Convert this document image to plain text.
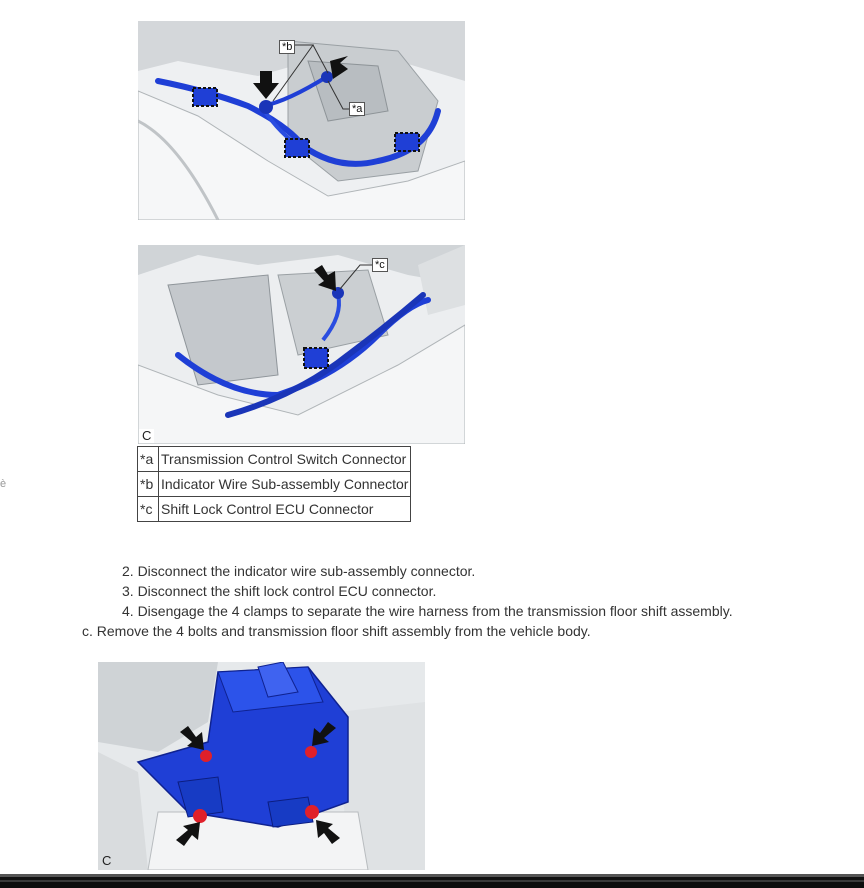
*b
*a
*c
C
*a	Transmission Control Switch Connector
*b	Indicator Wire Sub-assembly Connector
*c	Shift Lock Control ECU Connector
è
2. Disconnect the indicator wire sub-assembly connector.
3. Disconnect the shift lock control ECU connector.
4. Disengage the 4 clamps to separate the wire harness from the transmission floor shift assembly.
c. Remove the 4 bolts and transmission floor shift assembly from the vehicle body.
C
